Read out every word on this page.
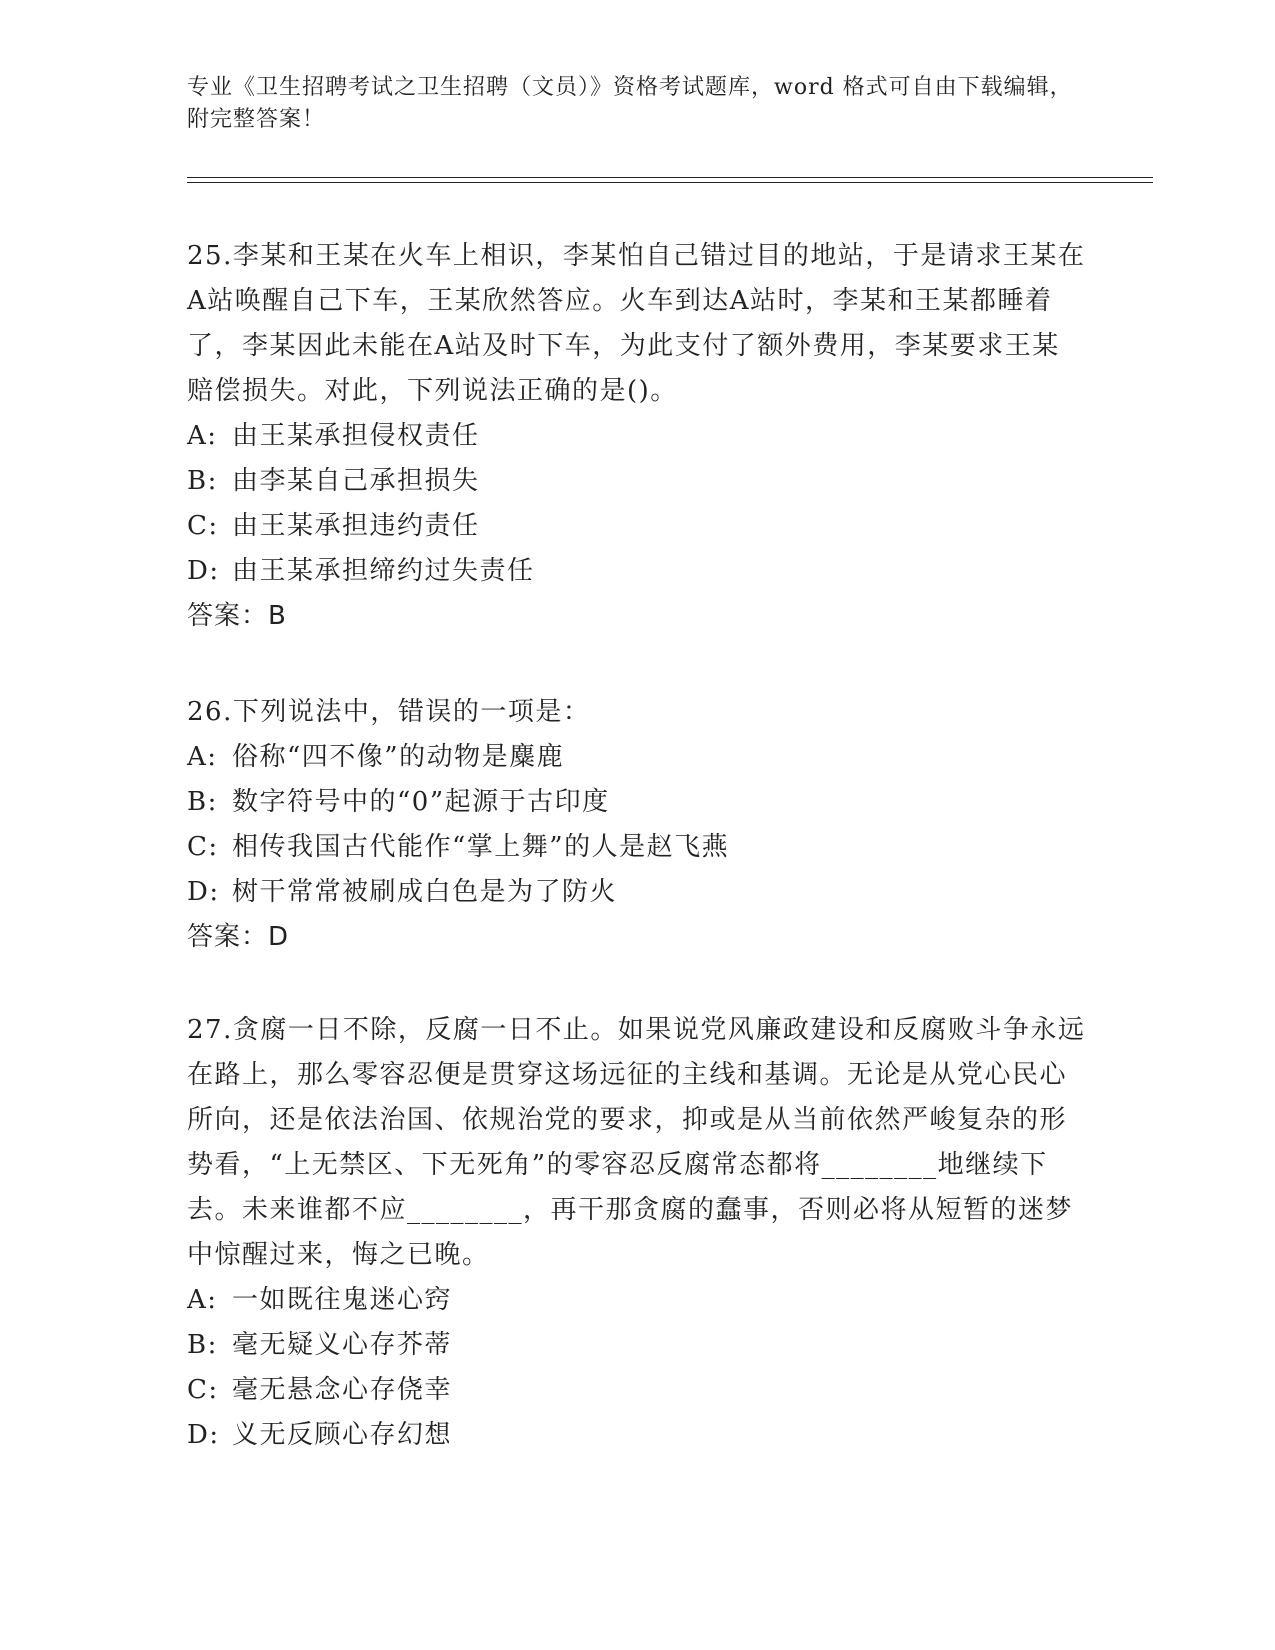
专业《卫生招聘考试之卫生招聘（文员）》资格考试题库，word 格式可自由下载编辑，附完整答案！

25.李某和王某在火车上相识，李某怕自己错过目的地站，于是请求王某在A站唤醒自己下车，王某欣然答应。火车到达A站时，李某和王某都睡着了，李某因此未能在A站及时下车，为此支付了额外费用，李某要求王某赔偿损失。对此，下列说法正确的是()。

A: 由王某承担侵权责任

B: 由李某自己承担损失

C: 由王某承担违约责任

D: 由王某承担缔约过失责任

答案：B

26.下列说法中，错误的一项是：

A: 俗称“四不像”的动物是麋鹿

B: 数字符号中的“0”起源于古印度

C: 相传我国古代能作“掌上舞”的人是赵飞燕

D: 树干常常被刷成白色是为了防火

答案：D

27.贪腐一日不除，反腐一日不止。如果说党风廉政建设和反腐败斗争永远在路上，那么零容忍便是贯穿这场远征的主线和基调。无论是从党心民心所向，还是依法治国、依规治党的要求，抑或是从当前依然严峻复杂的形势看，“上无禁区、下无死角”的零容忍反腐常态都将________地继续下去。未来谁都不应________，再干那贪腐的蠢事，否则必将从短暂的迷梦中惊醒过来，悔之已晚。

A: 一如既往鬼迷心窍

B: 毫无疑义心存芥蒂

C: 毫无悬念心存侥幸

D: 义无反顾心存幻想
